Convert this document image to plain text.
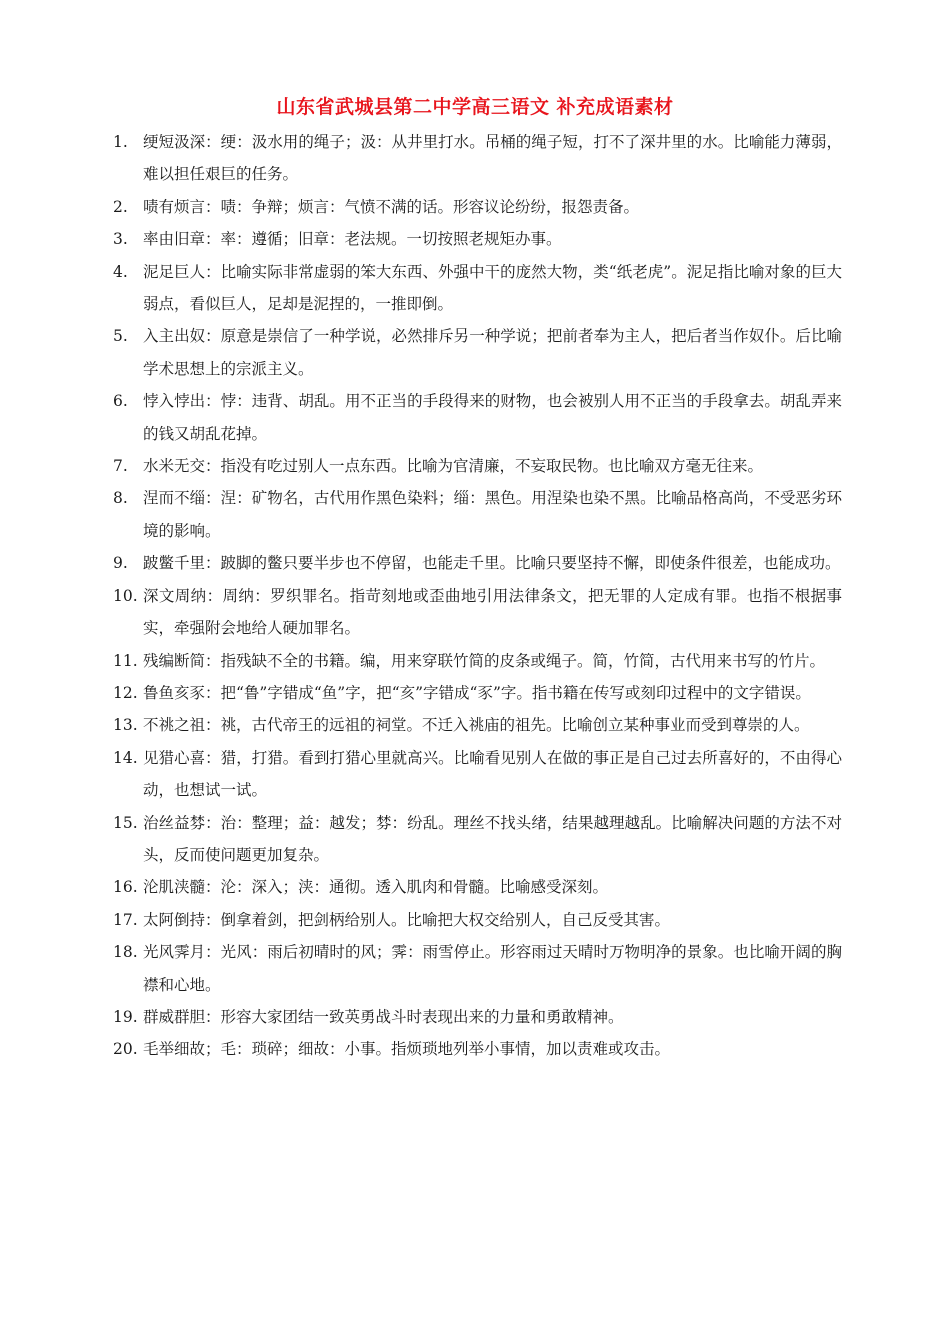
山东省武城县第二中学高三语文 补充成语素材
1. 绠短汲深：绠：汲水用的绳子；汲：从井里打水。吊桶的绳子短，打不了深井里的水。比喻能力薄弱，难以担任艰巨的任务。
2. 啧有烦言：啧：争辩；烦言：气愤不满的话。形容议论纷纷，报怨责备。
3. 率由旧章：率：遵循；旧章：老法规。一切按照老规矩办事。
4. 泥足巨人：比喻实际非常虚弱的笨大东西、外强中干的庞然大物，类“纸老虎”。泥足指比喻对象的巨大弱点，看似巨人，足却是泥捏的，一推即倒。
5. 入主出奴：原意是崇信了一种学说，必然排斥另一种学说；把前者奉为主人，把后者当作奴仆。后比喻学术思想上的宗派主义。
6. 悖入悖出：悖：违背、胡乱。用不正当的手段得来的财物，也会被别人用不正当的手段拿去。胡乱弄来的钱又胡乱花掉。
7. 水米无交：指没有吃过别人一点东西。比喻为官清廉，不妄取民物。也比喻双方毫无往来。
8. 涅而不缁：涅：矿物名，古代用作黑色染料；缁：黑色。用涅染也染不黑。比喻品格高尚，不受恶劣环境的影响。
9. 跛鳖千里：跛脚的鳖只要半步也不停留，也能走千里。比喻只要坚持不懈，即使条件很差，也能成功。
10. 深文周纳：周纳：罗织罪名。指苛刻地或歪曲地引用法律条文，把无罪的人定成有罪。也指不根据事实，牵强附会地给人硬加罪名。
11. 残编断简：指残缺不全的书籍。编，用来穿联竹简的皮条或绳子。简，竹简，古代用来书写的竹片。
12. 鲁鱼亥豕：把“鲁”字错成“鱼”字，把“亥”字错成“豕”字。指书籍在传写或刻印过程中的文字错误。
13. 不祧之祖：祧，古代帝王的远祖的祠堂。不迁入祧庙的祖先。比喻创立某种事业而受到尊崇的人。
14. 见猎心喜：猎，打猎。看到打猎心里就高兴。比喻看见别人在做的事正是自己过去所喜好的，不由得心动，也想试一试。
15. 治丝益棼：治：整理；益：越发；棼：纷乱。理丝不找头绪，结果越理越乱。比喻解决问题的方法不对头，反而使问题更加复杂。
16. 沦肌浃髓：沦：深入；浃：通彻。透入肌肉和骨髓。比喻感受深刻。
17. 太阿倒持：倒拿着剑，把剑柄给别人。比喻把大权交给别人，自己反受其害。
18. 光风霁月：光风：雨后初晴时的风；霁：雨雪停止。形容雨过天晴时万物明净的景象。也比喻开阔的胸襟和心地。
19. 群威群胆：形容大家团结一致英勇战斗时表现出来的力量和勇敢精神。
20. 毛举细故；毛：琐碎；细故：小事。指烦琐地列举小事情，加以责难或攻击。
